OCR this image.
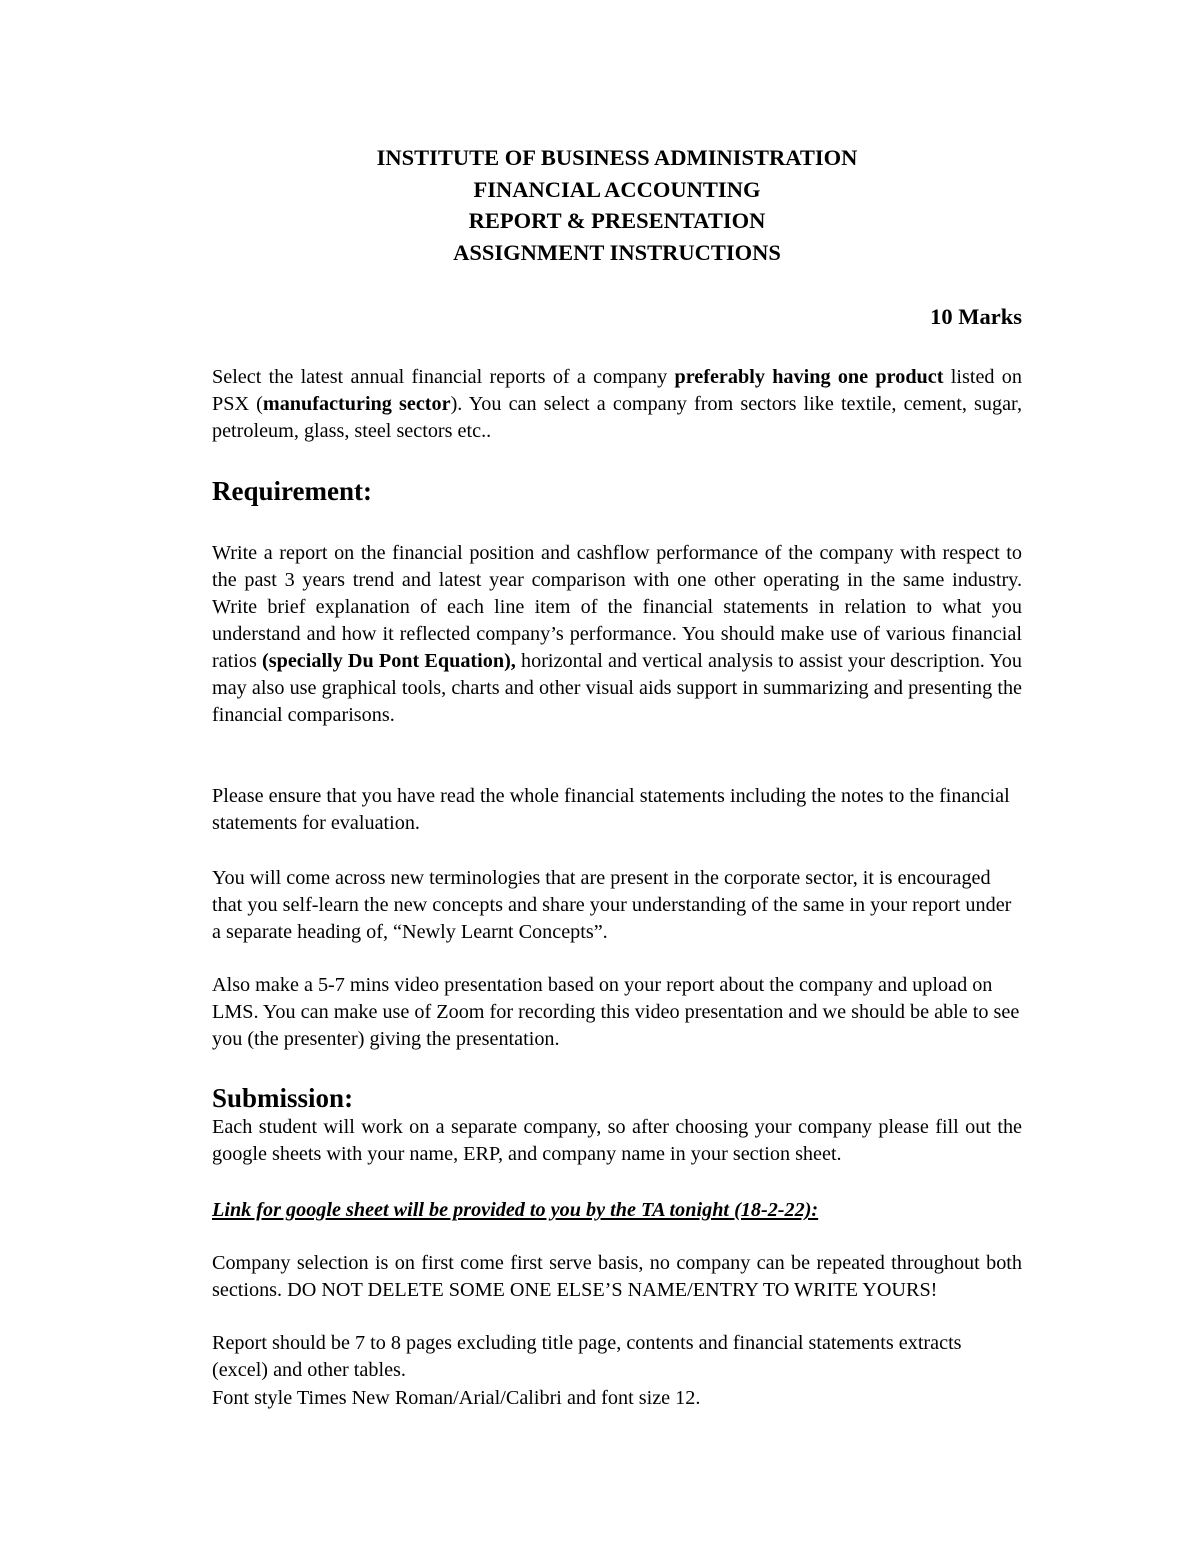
INSTITUTE OF BUSINESS ADMINISTRATION
FINANCIAL ACCOUNTING
REPORT & PRESENTATION
ASSIGNMENT INSTRUCTIONS
10 Marks

Select the latest annual financial reports of a company preferably having one product listed on PSX (manufacturing sector). You can select a company from sectors like textile, cement, sugar, petroleum, glass, steel sectors etc..

Requirement:

Write a report on the financial position and cashflow performance of the company with respect to the past 3 years trend and latest year comparison with one other operating in the same industry. Write brief explanation of each line item of the financial statements in relation to what you understand and how it reflected company’s performance. You should make use of various financial ratios (specially Du Pont Equation), horizontal and vertical analysis to assist your description. You may also use graphical tools, charts and other visual aids support in summarizing and presenting the financial comparisons.

Please ensure that you have read the whole financial statements including the notes to the financial statements for evaluation.

You will come across new terminologies that are present in the corporate sector, it is encouraged that you self-learn the new concepts and share your understanding of the same in your report under a separate heading of, “Newly Learnt Concepts”.

Also make a 5-7 mins video presentation based on your report about the company and upload on LMS. You can make use of Zoom for recording this video presentation and we should be able to see you (the presenter) giving the presentation.

Submission:

Each student will work on a separate company, so after choosing your company please fill out the google sheets with your name, ERP, and company name in your section sheet.

Link for google sheet will be provided to you by the TA tonight (18-2-22):

Company selection is on first come first serve basis, no company can be repeated throughout both sections. DO NOT DELETE SOME ONE ELSE’S NAME/ENTRY TO WRITE YOURS!

Report should be 7 to 8 pages excluding title page, contents and financial statements extracts (excel) and other tables.

Font style Times New Roman/Arial/Calibri and font size 12.
